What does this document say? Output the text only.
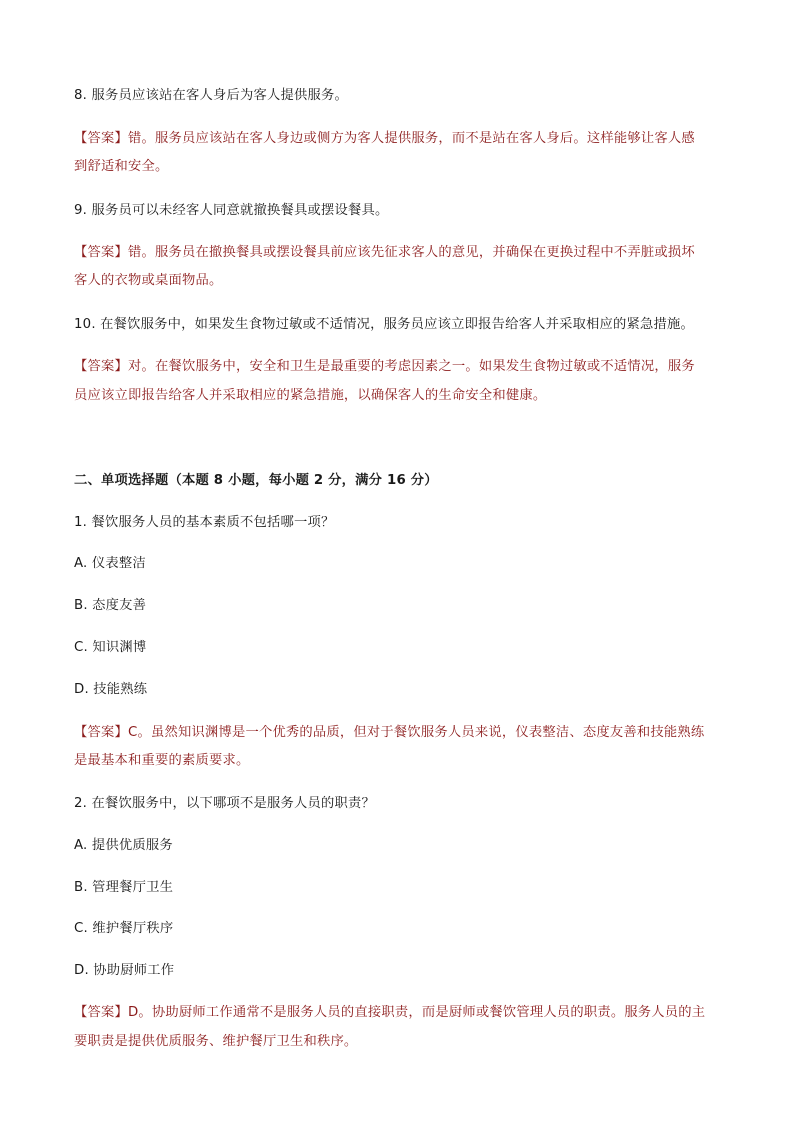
8. 服务员应该站在客人身后为客人提供服务。
【答案】错。服务员应该站在客人身边或侧方为客人提供服务，而不是站在客人身后。这样能够让客人感
到舒适和安全。
9. 服务员可以未经客人同意就撤换餐具或摆设餐具。
【答案】错。服务员在撤换餐具或摆设餐具前应该先征求客人的意见，并确保在更换过程中不弄脏或损坏
客人的衣物或桌面物品。
10. 在餐饮服务中，如果发生食物过敏或不适情况，服务员应该立即报告给客人并采取相应的紧急措施。
【答案】对。在餐饮服务中，安全和卫生是最重要的考虑因素之一。如果发生食物过敏或不适情况，服务
员应该立即报告给客人并采取相应的紧急措施，以确保客人的生命安全和健康。
二、单项选择题（本题 8 小题，每小题 2 分，满分 16 分）
1. 餐饮服务人员的基本素质不包括哪一项？
A. 仪表整洁
B. 态度友善
C. 知识渊博
D. 技能熟练
【答案】C。虽然知识渊博是一个优秀的品质，但对于餐饮服务人员来说，仪表整洁、态度友善和技能熟练
是最基本和重要的素质要求。
2. 在餐饮服务中，以下哪项不是服务人员的职责？
A. 提供优质服务
B. 管理餐厅卫生
C. 维护餐厅秩序
D. 协助厨师工作
【答案】D。协助厨师工作通常不是服务人员的直接职责，而是厨师或餐饮管理人员的职责。服务人员的主
要职责是提供优质服务、维护餐厅卫生和秩序。
